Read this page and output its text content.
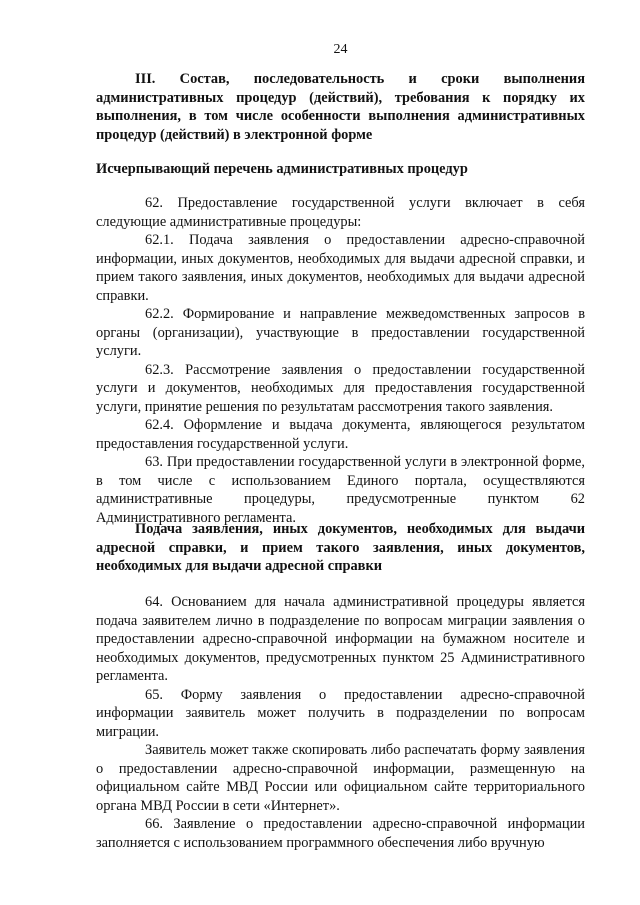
24

III. Состав, последовательность и сроки выполнения административных процедур (действий), требования к порядку их выполнения, в том числе особенности выполнения административных процедур (действий) в электронной форме

Исчерпывающий перечень административных процедур

62. Предоставление государственной услуги включает в себя следующие административные процедуры:

62.1. Подача заявления о предоставлении адресно-справочной информации, иных документов, необходимых для выдачи адресной справки, и прием такого заявления, иных документов, необходимых для выдачи адресной справки.

62.2. Формирование и направление межведомственных запросов в органы (организации), участвующие в предоставлении государственной услуги.

62.3. Рассмотрение заявления о предоставлении государственной услуги и документов, необходимых для предоставления государственной услуги, принятие решения по результатам рассмотрения такого заявления.

62.4. Оформление и выдача документа, являющегося результатом предоставления государственной услуги.

63. При предоставлении государственной услуги в электронной форме, в том числе с использованием Единого портала, осуществляются административные процедуры, предусмотренные пунктом 62 Административного регламента.

Подача заявления, иных документов, необходимых для выдачи адресной справки, и прием такого заявления, иных документов, необходимых для выдачи адресной справки

64. Основанием для начала административной процедуры является подача заявителем лично в подразделение по вопросам миграции заявления о предоставлении адресно-справочной информации на бумажном носителе и необходимых документов, предусмотренных пунктом 25 Административного регламента.

65. Форму заявления о предоставлении адресно-справочной информации заявитель может получить в подразделении по вопросам миграции.

Заявитель может также скопировать либо распечатать форму заявления о предоставлении адресно-справочной информации, размещенную на официальном сайте МВД России или официальном сайте территориального органа МВД России в сети «Интернет».

66. Заявление о предоставлении адресно-справочной информации заполняется с использованием программного обеспечения либо вручную
